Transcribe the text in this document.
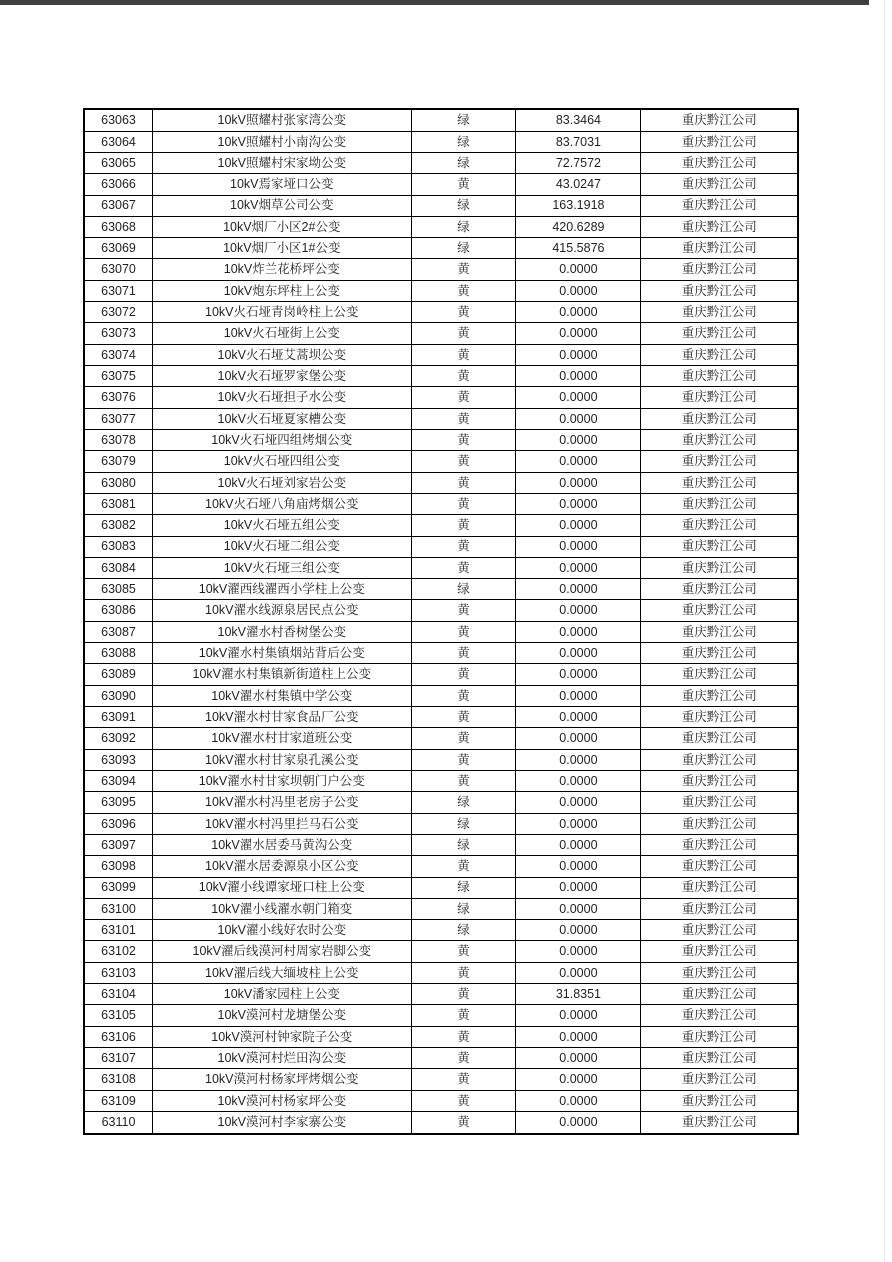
63063	10kV照耀村张家湾公变	绿	83.3464	重庆黔江公司
63064	10kV照耀村小南沟公变	绿	83.7031	重庆黔江公司
63065	10kV照耀村宋家坳公变	绿	72.7572	重庆黔江公司
63066	10kV焉家垭口公变	黄	43.0247	重庆黔江公司
63067	10kV烟草公司公变	绿	163.1918	重庆黔江公司
63068	10kV烟厂小区2#公变	绿	420.6289	重庆黔江公司
63069	10kV烟厂小区1#公变	绿	415.5876	重庆黔江公司
63070	10kV炸兰花桥坪公变	黄	0.0000	重庆黔江公司
63071	10kV炮东坪柱上公变	黄	0.0000	重庆黔江公司
63072	10kV火石垭青岗岭柱上公变	黄	0.0000	重庆黔江公司
63073	10kV火石垭街上公变	黄	0.0000	重庆黔江公司
63074	10kV火石垭艾蒿坝公变	黄	0.0000	重庆黔江公司
63075	10kV火石垭罗家堡公变	黄	0.0000	重庆黔江公司
63076	10kV火石垭担子水公变	黄	0.0000	重庆黔江公司
63077	10kV火石垭夏家槽公变	黄	0.0000	重庆黔江公司
63078	10kV火石垭四组烤烟公变	黄	0.0000	重庆黔江公司
63079	10kV火石垭四组公变	黄	0.0000	重庆黔江公司
63080	10kV火石垭刘家岩公变	黄	0.0000	重庆黔江公司
63081	10kV火石垭八角庙烤烟公变	黄	0.0000	重庆黔江公司
63082	10kV火石垭五组公变	黄	0.0000	重庆黔江公司
63083	10kV火石垭二组公变	黄	0.0000	重庆黔江公司
63084	10kV火石垭三组公变	黄	0.0000	重庆黔江公司
63085	10kV濯西线濯西小学柱上公变	绿	0.0000	重庆黔江公司
63086	10kV濯水线源泉居民点公变	黄	0.0000	重庆黔江公司
63087	10kV濯水村香树堡公变	黄	0.0000	重庆黔江公司
63088	10kV濯水村集镇烟站背后公变	黄	0.0000	重庆黔江公司
63089	10kV濯水村集镇新街道柱上公变	黄	0.0000	重庆黔江公司
63090	10kV濯水村集镇中学公变	黄	0.0000	重庆黔江公司
63091	10kV濯水村甘家食品厂公变	黄	0.0000	重庆黔江公司
63092	10kV濯水村甘家道班公变	黄	0.0000	重庆黔江公司
63093	10kV濯水村甘家泉孔溪公变	黄	0.0000	重庆黔江公司
63094	10kV濯水村甘家坝朝门户公变	黄	0.0000	重庆黔江公司
63095	10kV濯水村冯里老房子公变	绿	0.0000	重庆黔江公司
63096	10kV濯水村冯里拦马石公变	绿	0.0000	重庆黔江公司
63097	10kV濯水居委马黄沟公变	绿	0.0000	重庆黔江公司
63098	10kV濯水居委源泉小区公变	黄	0.0000	重庆黔江公司
63099	10kV濯小线谭家垭口柱上公变	绿	0.0000	重庆黔江公司
63100	10kV濯小线濯水朝门箱变	绿	0.0000	重庆黔江公司
63101	10kV濯小线好农时公变	绿	0.0000	重庆黔江公司
63102	10kV濯后线漠河村周家岩脚公变	黄	0.0000	重庆黔江公司
63103	10kV濯后线大缅坡柱上公变	黄	0.0000	重庆黔江公司
63104	10kV潘家园柱上公变	黄	31.8351	重庆黔江公司
63105	10kV漠河村龙塘堡公变	黄	0.0000	重庆黔江公司
63106	10kV漠河村钟家院子公变	黄	0.0000	重庆黔江公司
63107	10kV漠河村烂田沟公变	黄	0.0000	重庆黔江公司
63108	10kV漠河村杨家坪烤烟公变	黄	0.0000	重庆黔江公司
63109	10kV漠河村杨家坪公变	黄	0.0000	重庆黔江公司
63110	10kV漠河村李家寨公变	黄	0.0000	重庆黔江公司
